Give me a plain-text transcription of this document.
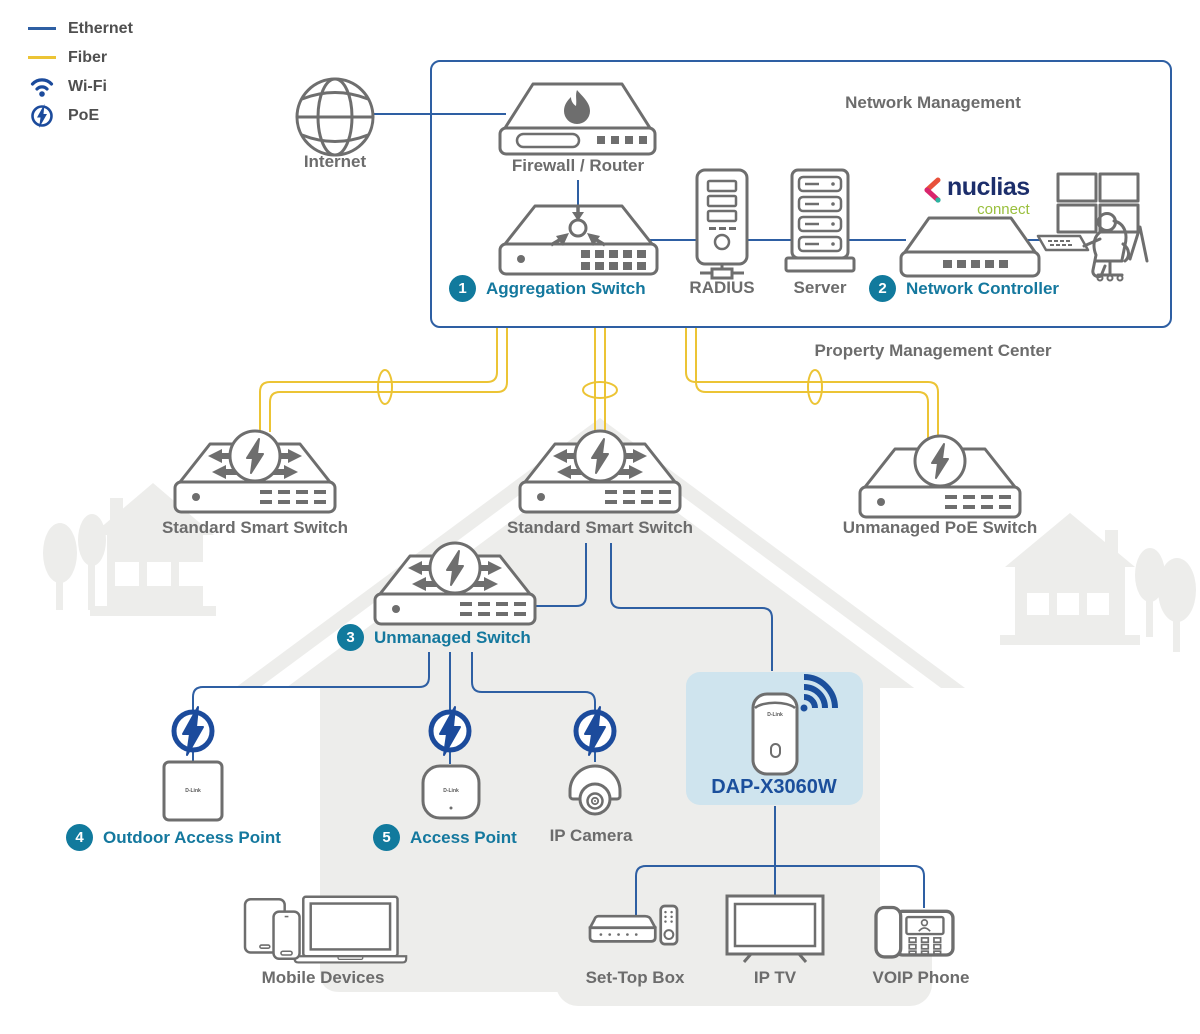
Ethernet
Fiber
Wi-Fi
PoE
nuclias
connect
Internet	Firewall / Router
Network Management
RADIUS Server
Property Management Center
Standard Smart Switch	Standard Smart Switch	Unmanaged PoE Switch
IP Camera
DAP-X3060W
Mobile Devices	Set-Top Box	IP TV	VOIP Phone
1	Aggregation Switch	2	Network Controller
3	Unmanaged Switch
4	Outdoor Access Point	5	Access Point
D-Link	D-Link
D-Link
